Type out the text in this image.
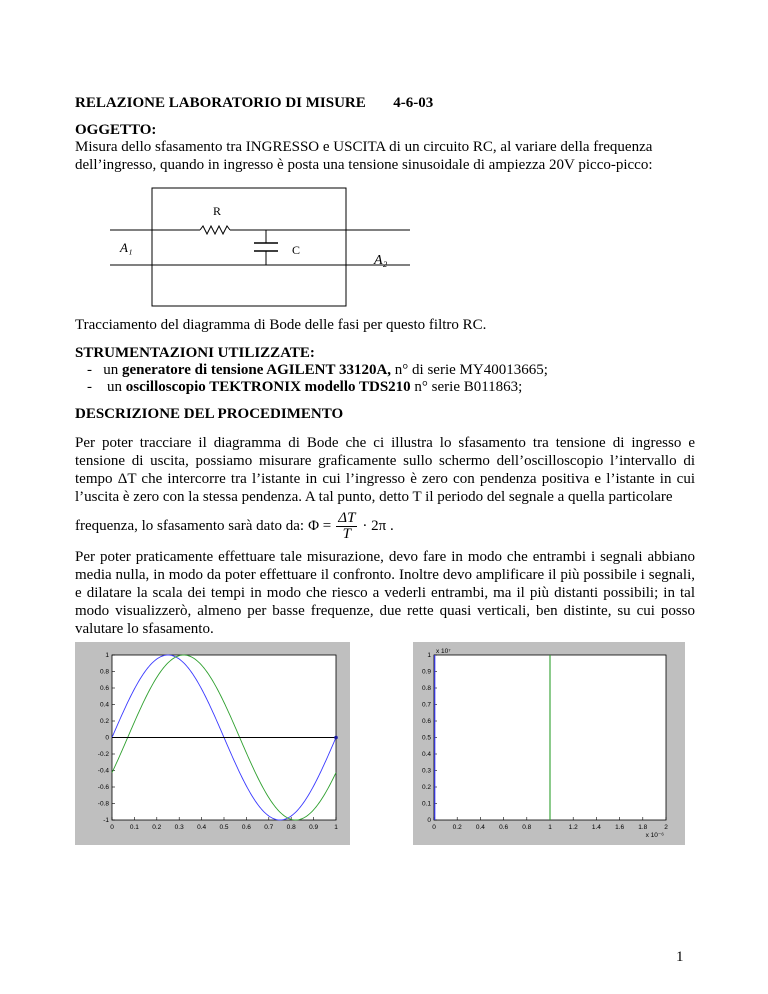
RELAZIONE LABORATORIO DI MISURE 4-6-03
OGGETTO:
Misura dello sfasamento tra INGRESSO e USCITA di un circuito RC, al variare della frequenza
dell’ingresso, quando in ingresso è posta una tensione sinusoidale di ampiezza 20V picco-picco:
R
C
A₁
A₂
Tracciamento del diagramma di Bode delle fasi per questo filtro RC.
STRUMENTAZIONI UTILIZZATE:
- un generatore di tensione AGILENT 33120A, n° di serie MY40013665;
- un oscilloscopio TEKTRONIX modello TDS210 n° serie B011863;
DESCRIZIONE DEL PROCEDIMENTO

Per poter tracciare il diagramma di Bode che ci illustra lo sfasamento tra tensione di ingresso e tensione di uscita, possiamo misurare graficamente sullo schermo dell’oscilloscopio l’intervallo di tempo ΔT che intercorre tra l’istante in cui l’ingresso è zero con pendenza positiva e l’istante in cui l’uscita è zero con la stessa pendenza. A tal punto, detto T il periodo del segnale a quella particolare

frequenza, lo sfasamento sarà dato da: $\Phi = \frac{\Delta T}{T} \cdot 2\pi$ .

Per poter praticamente effettuare tale misurazione, devo fare in modo che entrambi i segnali abbiano media nulla, in modo da poter effettuare il confronto. Inoltre devo amplificare il più possibile i segnali, e dilatare la scala dei tempi in modo che riesco a vederli entrambi, ma il più distanti possibili; in tal modo visualizzerò, almeno per basse frequenze, due rette quasi verticali, ben distinte, su cui posso valutare lo sfasamento.

0 0.1 0.2 0.3 0.4 0.5 0.6 0.7 0.8 0.9 1
1
0.8
0.6
0.4
0.2
0
-0.2
-0.4
-0.6
-0.8
-1
0	0.2 0.4 0.6 0.8	1	1.2 1.4 1.6 1.8	2
1
0.9
0.8
0.7
0.6
0.5
0.4
0.3
0.2
0.1
0
x 10⁷
x 10⁻⁶
1
